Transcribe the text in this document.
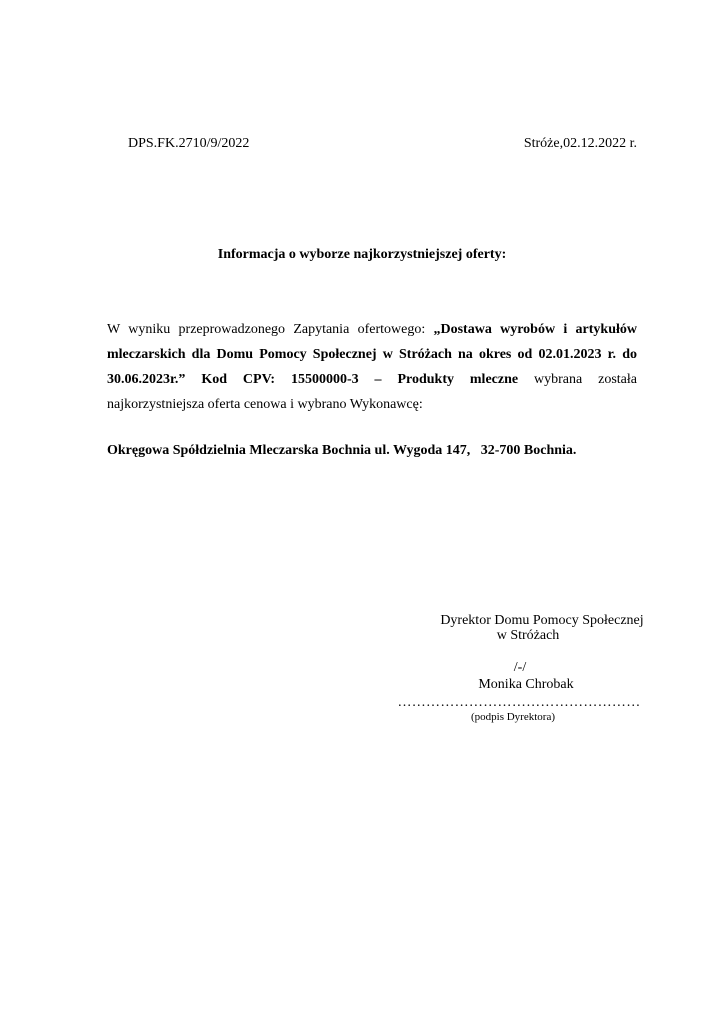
DPS.FK.2710/9/2022	Stróże,02.12.2022 r.
Informacja o wyborze najkorzystniejszej oferty:
W wyniku przeprowadzonego Zapytania ofertowego: „Dostawa wyrobów i artykułów mleczarskich dla Domu Pomocy Społecznej w Stróżach na okres od 02.01.2023 r. do 30.06.2023r.” Kod CPV: 15500000-3 – Produkty mleczne wybrana została najkorzystniejsza oferta cenowa i wybrano Wykonawcę:
Okręgowa Spółdzielnia Mleczarska Bochnia ul. Wygoda 147,   32-700 Bochnia.
Dyrektor Domu Pomocy Społecznej
w Stróżach
/-/
Monika Chrobak
……………………………………………
(podpis Dyrektora)
